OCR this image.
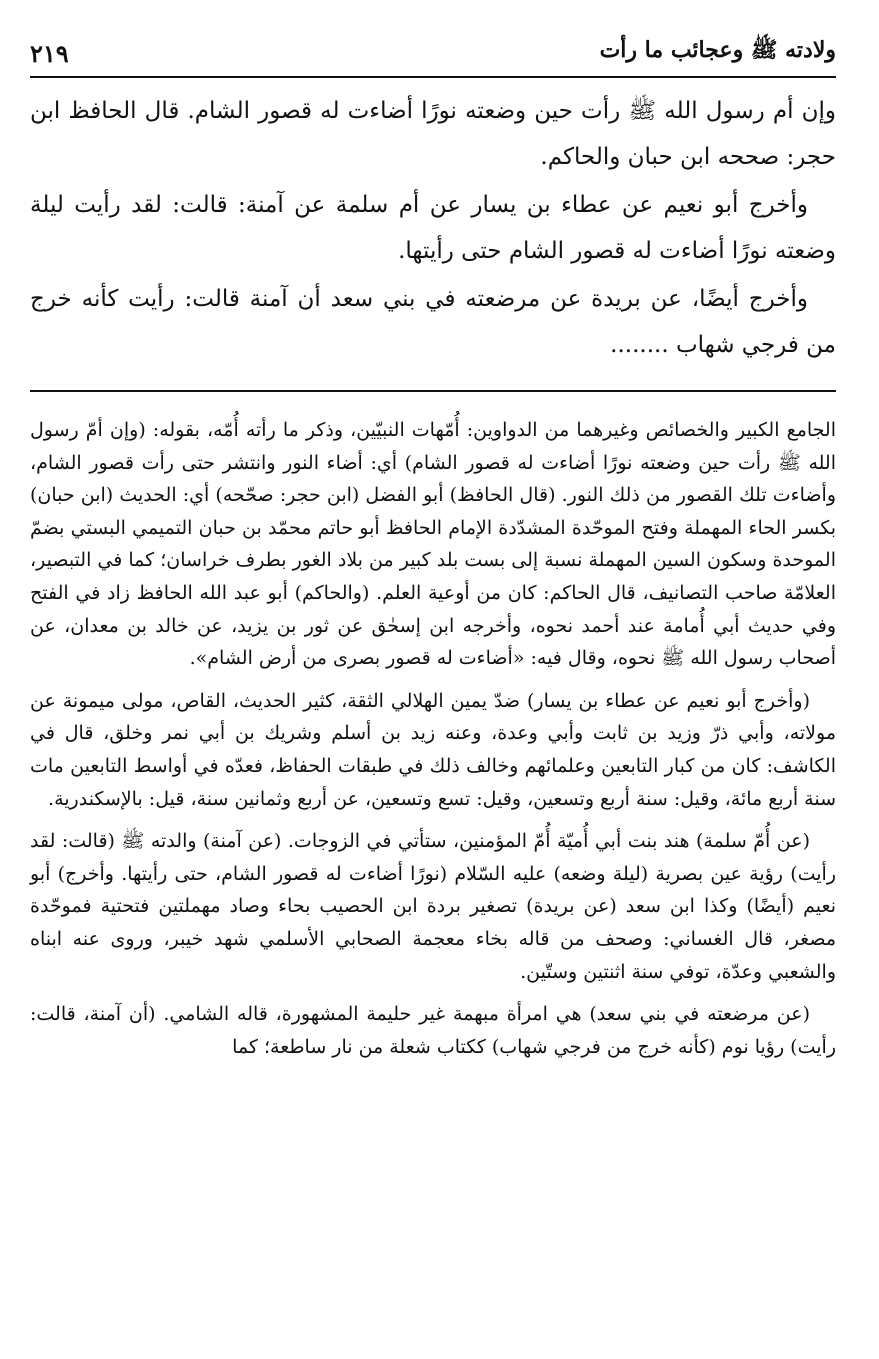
ولادته ﷺ وعجائب ما رأت
٢١٩

وإن أم رسول الله ﷺ رأت حين وضعته نورًا أضاءت له قصور الشام. قال الحافظ ابن حجر: صححه ابن حبان والحاكم.

وأخرج أبو نعيم عن عطاء بن يسار عن أم سلمة عن آمنة: قالت: لقد رأيت ليلة وضعته نورًا أضاءت له قصور الشام حتى رأيتها.

وأخرج أيضًا، عن بريدة عن مرضعته في بني سعد أن آمنة قالت: رأيت كأنه خرج من فرجي شهاب ........

الجامع الكبير والخصائص وغيرهما من الدواوين: أُمّهات النبيّين، وذكر ما رأته أُمّه، بقوله: (وإن أمّ رسول الله ﷺ رأت حين وضعته نورًا أضاءت له قصور الشام) أي: أضاء النور وانتشر حتى رأت قصور الشام، وأضاءت تلك القصور من ذلك النور. (قال الحافظ) أبو الفضل (ابن حجر: صحّحه) أي: الحديث (ابن حبان) بكسر الحاء المهملة وفتح الموحّدة المشدّدة الإمام الحافظ أبو حاتم محمّد بن حبان التميمي البستي بضمّ الموحدة وسكون السين المهملة نسبة إلى بست بلد كبير من بلاد الغور بطرف خراسان؛ كما في التبصير، العلامّة صاحب التصانيف، قال الحاكم: كان من أوعية العلم. (والحاكم) أبو عبد الله الحافظ زاد في الفتح وفي حديث أبي أُمامة عند أحمد نحوه، وأخرجه ابن إسحٰق عن ثور بن يزيد، عن خالد بن معدان، عن أصحاب رسول الله ﷺ نحوه، وقال فيه: «أضاءت له قصور بصرى من أرض الشام».

(وأخرج أبو نعيم عن عطاء بن يسار) ضدّ يمين الهلالي الثقة، كثير الحديث، القاص، مولى ميمونة عن مولاته، وأبي ذرّ وزيد بن ثابت وأبي وعدة، وعنه زيد بن أسلم وشريك بن أبي نمر وخلق، قال في الكاشف: كان من كبار التابعين وعلمائهم وخالف ذلك في طبقات الحفاظ، فعدّه في أواسط التابعين مات سنة أربع مائة، وقيل: سنة أربع وتسعين، وقيل: تسع وتسعين، عن أربع وثمانين سنة، قيل: بالإسكندرية.

(عن أُمّ سلمة) هند بنت أبي أُميّة أُمّ المؤمنين، ستأتي في الزوجات. (عن آمنة) والدته ﷺ (قالت: لقد رأيت) رؤية عين بصرية (ليلة وضعه) عليه السّلام (نورًا أضاءت له قصور الشام، حتى رأيتها. وأخرج) أبو نعيم (أيضًا) وكذا ابن سعد (عن بريدة) تصغير بردة ابن الحصيب بحاء وصاد مهملتين فتحتية فموحّدة مصغر، قال الغساني: وصحف من قاله بخاء معجمة الصحابي الأسلمي شهد خيبر، وروى عنه ابناه والشعبي وعدّة، توفي سنة اثنتين وستّين.

(عن مرضعته في بني سعد) هي امرأة مبهمة غير حليمة المشهورة، قاله الشامي. (أن آمنة، قالت: رأيت) رؤيا نوم (كأنه خرج من فرجي شهاب) ككتاب شعلة من نار ساطعة؛ كما
